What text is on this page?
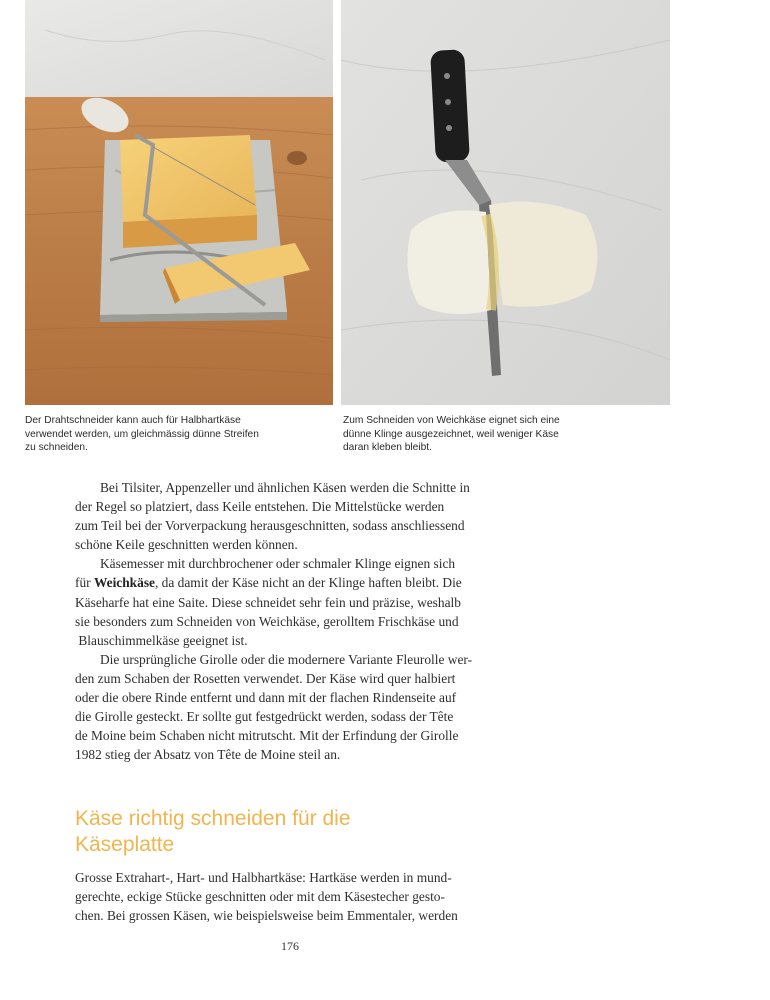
Der Drahtschneider kann auch für Halbhartkäse
verwendet werden, um gleichmässig dünne Streifen
zu schneiden.
Zum Schneiden von Weichkäse eignet sich eine
dünne Klinge ausgezeichnet, weil weniger Käse
daran kleben bleibt.

Bei Tilsiter, Appenzeller und ähnlichen Käsen werden die Schnitte in
der Regel so platziert, dass Keile entstehen. Die Mittelstücke werden
zum Teil bei der Vorverpackung herausgeschnitten, sodass anschliessend
schöne Keile geschnitten werden können.

Käsemesser mit durchbrochener oder schmaler Klinge eignen sich
für Weichkäse, da damit der Käse nicht an der Klinge haften bleibt. Die
Käseharfe hat eine Saite. Diese schneidet sehr fein und präzise, weshalb
sie besonders zum Schneiden von Weichkäse, gerolltem Frischkäse und
Blauschimmelkäse geeignet ist.

Die ursprüngliche Girolle oder die modernere Variante Fleurolle wer-
den zum Schaben der Rosetten verwendet. Der Käse wird quer halbiert
oder die obere Rinde entfernt und dann mit der flachen Rindenseite auf
die Girolle gesteckt. Er sollte gut festgedrückt werden, sodass der Tête
de Moine beim Schaben nicht mitrutscht. Mit der Erfindung der Girolle
1982 stieg der Absatz von Tête de Moine steil an.

Käse richtig schneiden für die
Käseplatte
Grosse Extrahart-, Hart- und Halbhartkäse: Hartkäse werden in mund-
gerechte, eckige Stücke geschnitten oder mit dem Käsestecher gesto-
chen. Bei grossen Käsen, wie beispielsweise beim Emmentaler, werden
176
